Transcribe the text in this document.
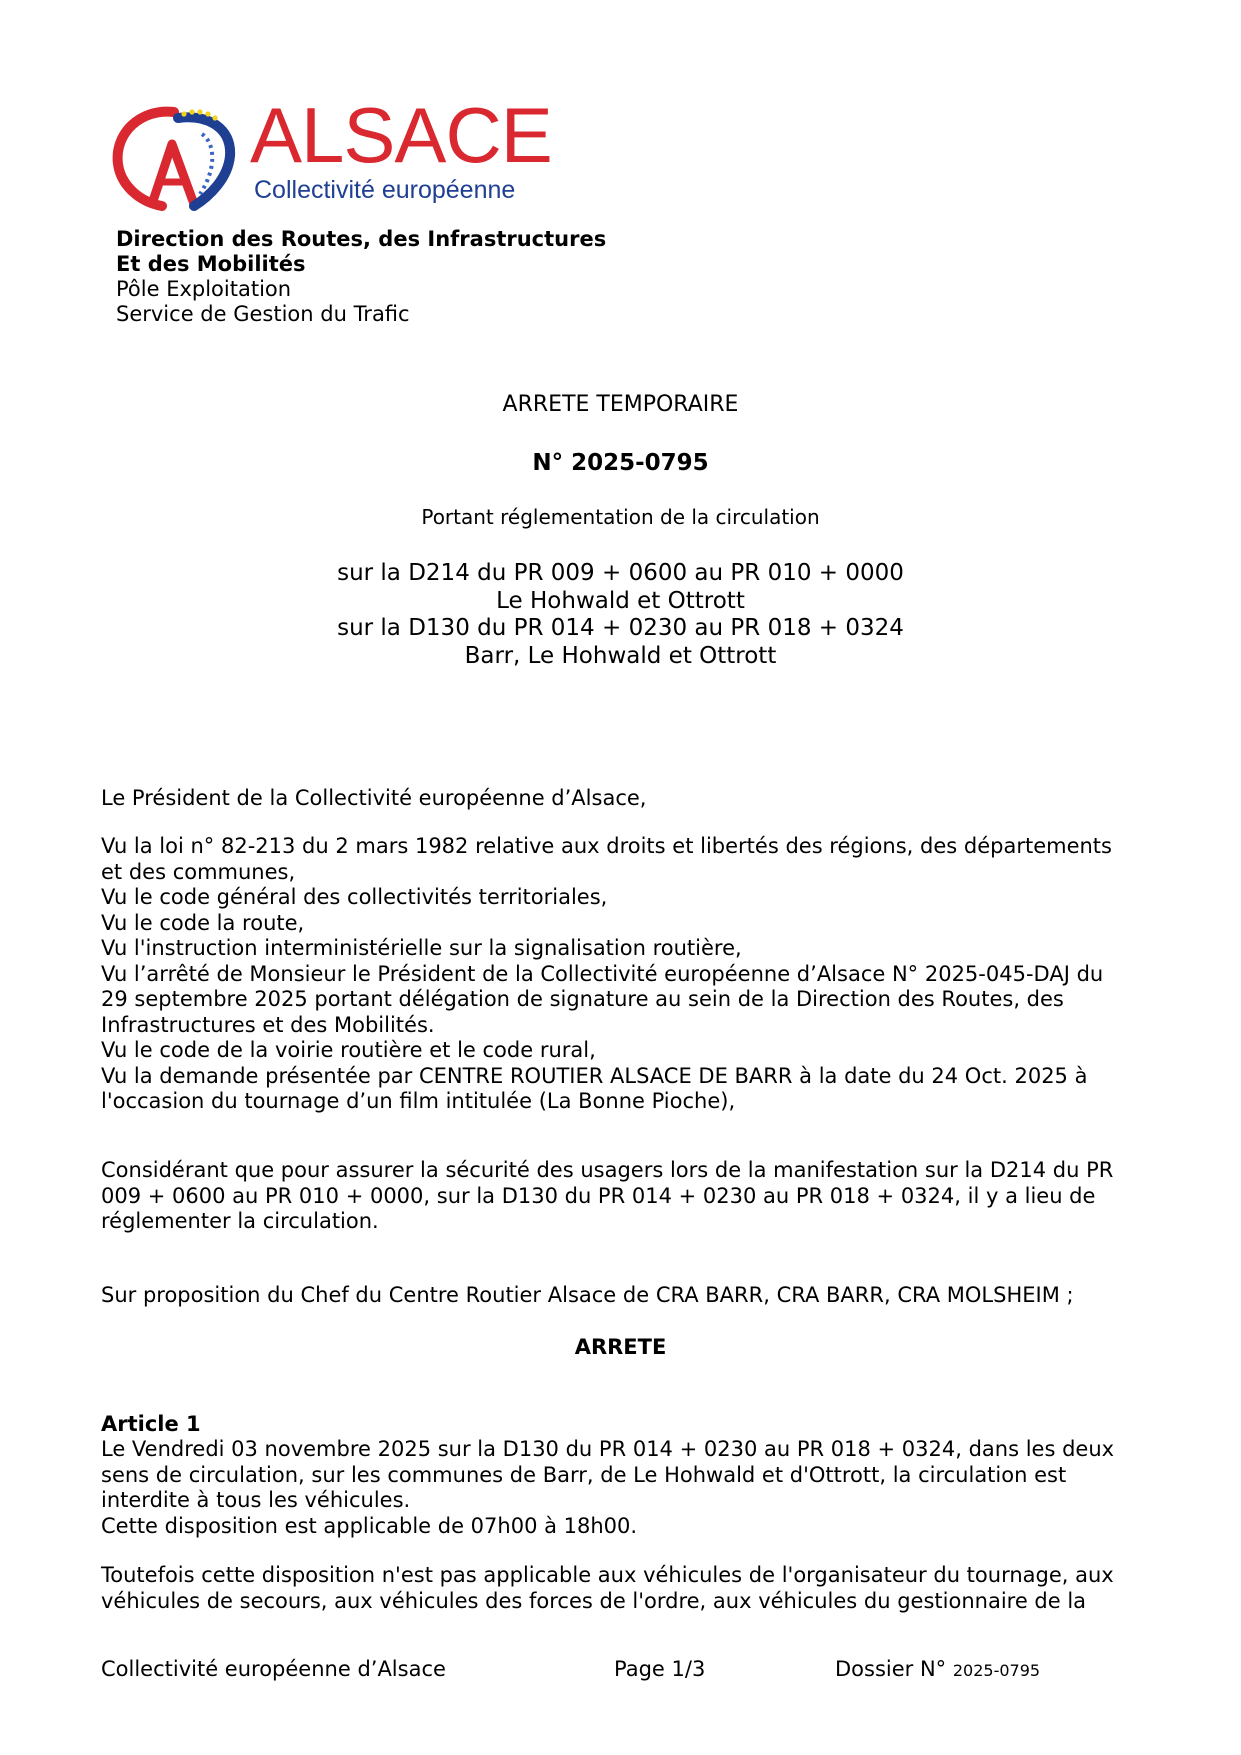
ALSACE
Collectivité européenne
Direction des Routes, des Infrastructures
Et des Mobilités
Pôle Exploitation
Service de Gestion du Trafic
ARRETE TEMPORAIRE
N° 2025-0795
Portant réglementation de la circulation
sur la D214 du PR 009 + 0600 au PR 010 + 0000
Le Hohwald et Ottrott
sur la D130 du PR 014 + 0230 au PR 018 + 0324
Barr, Le Hohwald et Ottrott
Le Président de la Collectivité européenne d’Alsace,
Vu la loi n° 82-213 du 2 mars 1982 relative aux droits et libertés des régions, des départements
et des communes,
Vu le code général des collectivités territoriales,
Vu le code la route,
Vu l'instruction interministérielle sur la signalisation routière,
Vu l’arrêté de Monsieur le Président de la Collectivité européenne d’Alsace N° 2025-045-DAJ du
29 septembre 2025 portant délégation de signature au sein de la Direction des Routes, des
Infrastructures et des Mobilités.
Vu le code de la voirie routière et le code rural,
Vu la demande présentée par CENTRE ROUTIER ALSACE DE BARR à la date du 24 Oct. 2025 à
l'occasion du tournage d’un film intitulée (La Bonne Pioche),
Considérant que pour assurer la sécurité des usagers lors de la manifestation sur la D214 du PR
009 + 0600 au PR 010 + 0000, sur la D130 du PR 014 + 0230 au PR 018 + 0324, il y a lieu de
réglementer la circulation.
Sur proposition du Chef du Centre Routier Alsace de CRA BARR, CRA BARR, CRA MOLSHEIM ;
ARRETE
Article 1
Le Vendredi 03 novembre 2025 sur la D130 du PR 014 + 0230 au PR 018 + 0324, dans les deux
sens de circulation, sur les communes de Barr, de Le Hohwald et d'Ottrott, la circulation est
interdite à tous les véhicules.
Cette disposition est applicable de 07h00 à 18h00.
Toutefois cette disposition n'est pas applicable aux véhicules de l'organisateur du tournage, aux
véhicules de secours, aux véhicules des forces de l'ordre, aux véhicules du gestionnaire de la
Collectivité européenne d’Alsace	Page 1/3	Dossier N° 2025-0795
